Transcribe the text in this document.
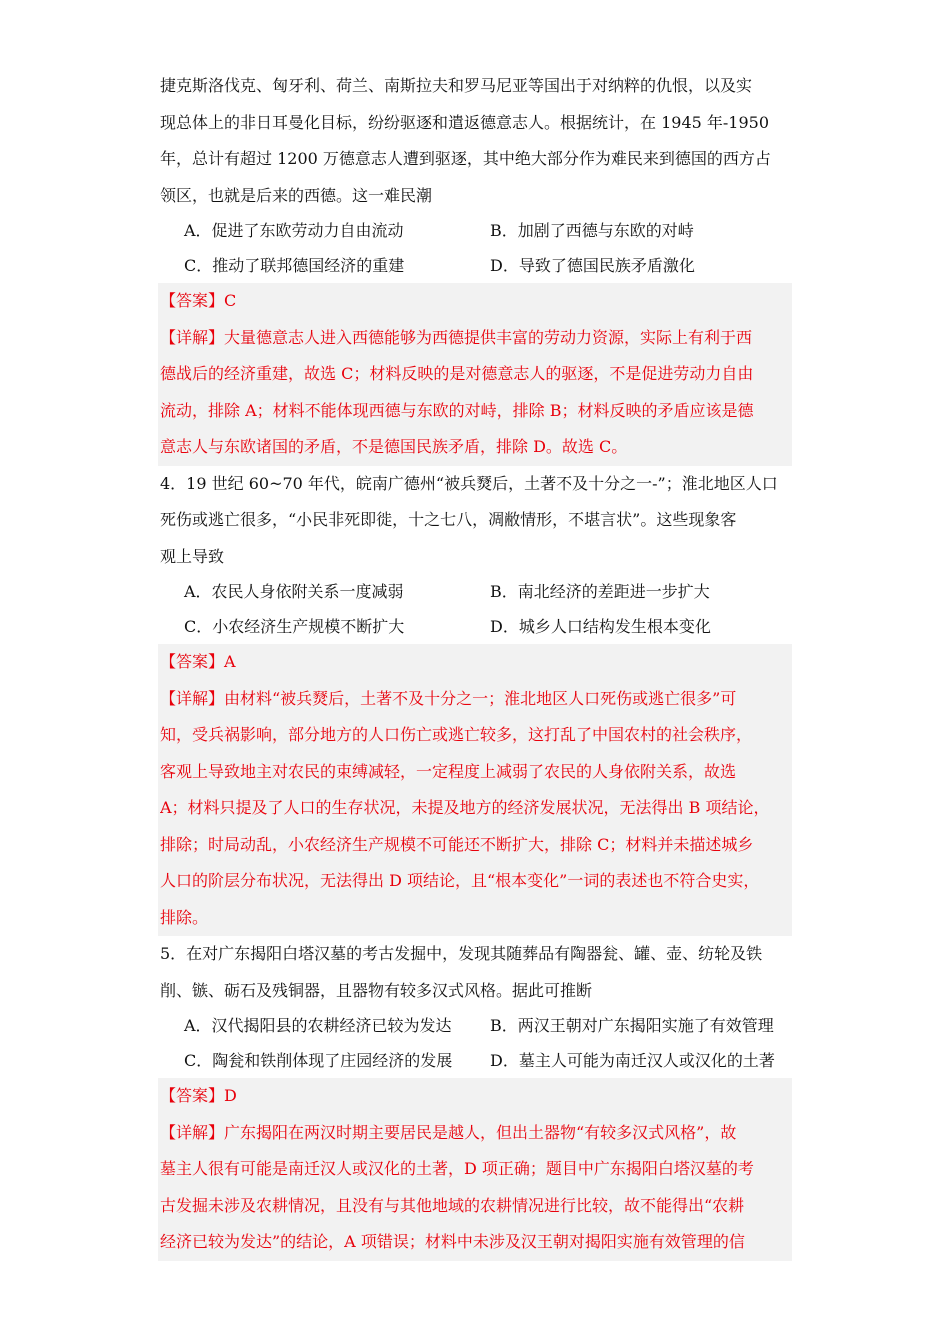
捷克斯洛伐克、匈牙利、荷兰、南斯拉夫和罗马尼亚等国出于对纳粹的仇恨，以及实
现总体上的非日耳曼化目标，纷纷驱逐和遣返德意志人。根据统计，在 1945 年-1950
年，总计有超过 1200 万德意志人遭到驱逐，其中绝大部分作为难民来到德国的西方占
领区，也就是后来的西德。这一难民潮
A．促进了东欧劳动力自由流动	B．加剧了西德与东欧的对峙
C．推动了联邦德国经济的重建	D．导致了德国民族矛盾激化
【答案】C
【详解】大量德意志人进入西德能够为西德提供丰富的劳动力资源，实际上有利于西
德战后的经济重建，故选 C；材料反映的是对德意志人的驱逐，不是促进劳动力自由
流动，排除 A；材料不能体现西德与东欧的对峙，排除 B；材料反映的矛盾应该是德
意志人与东欧诸国的矛盾，不是德国民族矛盾，排除 D。故选 C。
4．19 世纪 60~70 年代，皖南广德州“被兵燹后，土著不及十分之一-”；淮北地区人口
死伤或逃亡很多，“小民非死即徙，十之七八，凋敝情形，不堪言状”。这些现象客
观上导致
A．农民人身依附关系一度减弱	B．南北经济的差距进一步扩大
C．小农经济生产规模不断扩大	D．城乡人口结构发生根本变化
【答案】A
【详解】由材料“被兵燹后，土著不及十分之一；淮北地区人口死伤或逃亡很多”可
知，受兵祸影响，部分地方的人口伤亡或逃亡较多，这打乱了中国农村的社会秩序，
客观上导致地主对农民的束缚减轻，一定程度上减弱了农民的人身依附关系，故选
A；材料只提及了人口的生存状况，未提及地方的经济发展状况，无法得出 B 项结论，
排除；时局动乱，小农经济生产规模不可能还不断扩大，排除 C；材料并未描述城乡
人口的阶层分布状况，无法得出 D 项结论，且“根本变化”一词的表述也不符合史实，
排除。
5．在对广东揭阳白塔汉墓的考古发掘中，发现其随葬品有陶器瓮、罐、壶、纺轮及铁
削、镞、砺石及残铜器，且器物有较多汉式风格。据此可推断
A．汉代揭阳县的农耕经济已较为发达	B．两汉王朝对广东揭阳实施了有效管理
C．陶瓮和铁削体现了庄园经济的发展	D．墓主人可能为南迁汉人或汉化的土著
【答案】D
【详解】广东揭阳在两汉时期主要居民是越人，但出土器物“有较多汉式风格”，故
墓主人很有可能是南迁汉人或汉化的土著，D 项正确；题目中广东揭阳白塔汉墓的考
古发掘未涉及农耕情况，且没有与其他地域的农耕情况进行比较，故不能得出“农耕
经济已较为发达”的结论，A 项错误；材料中未涉及汉王朝对揭阳实施有效管理的信
